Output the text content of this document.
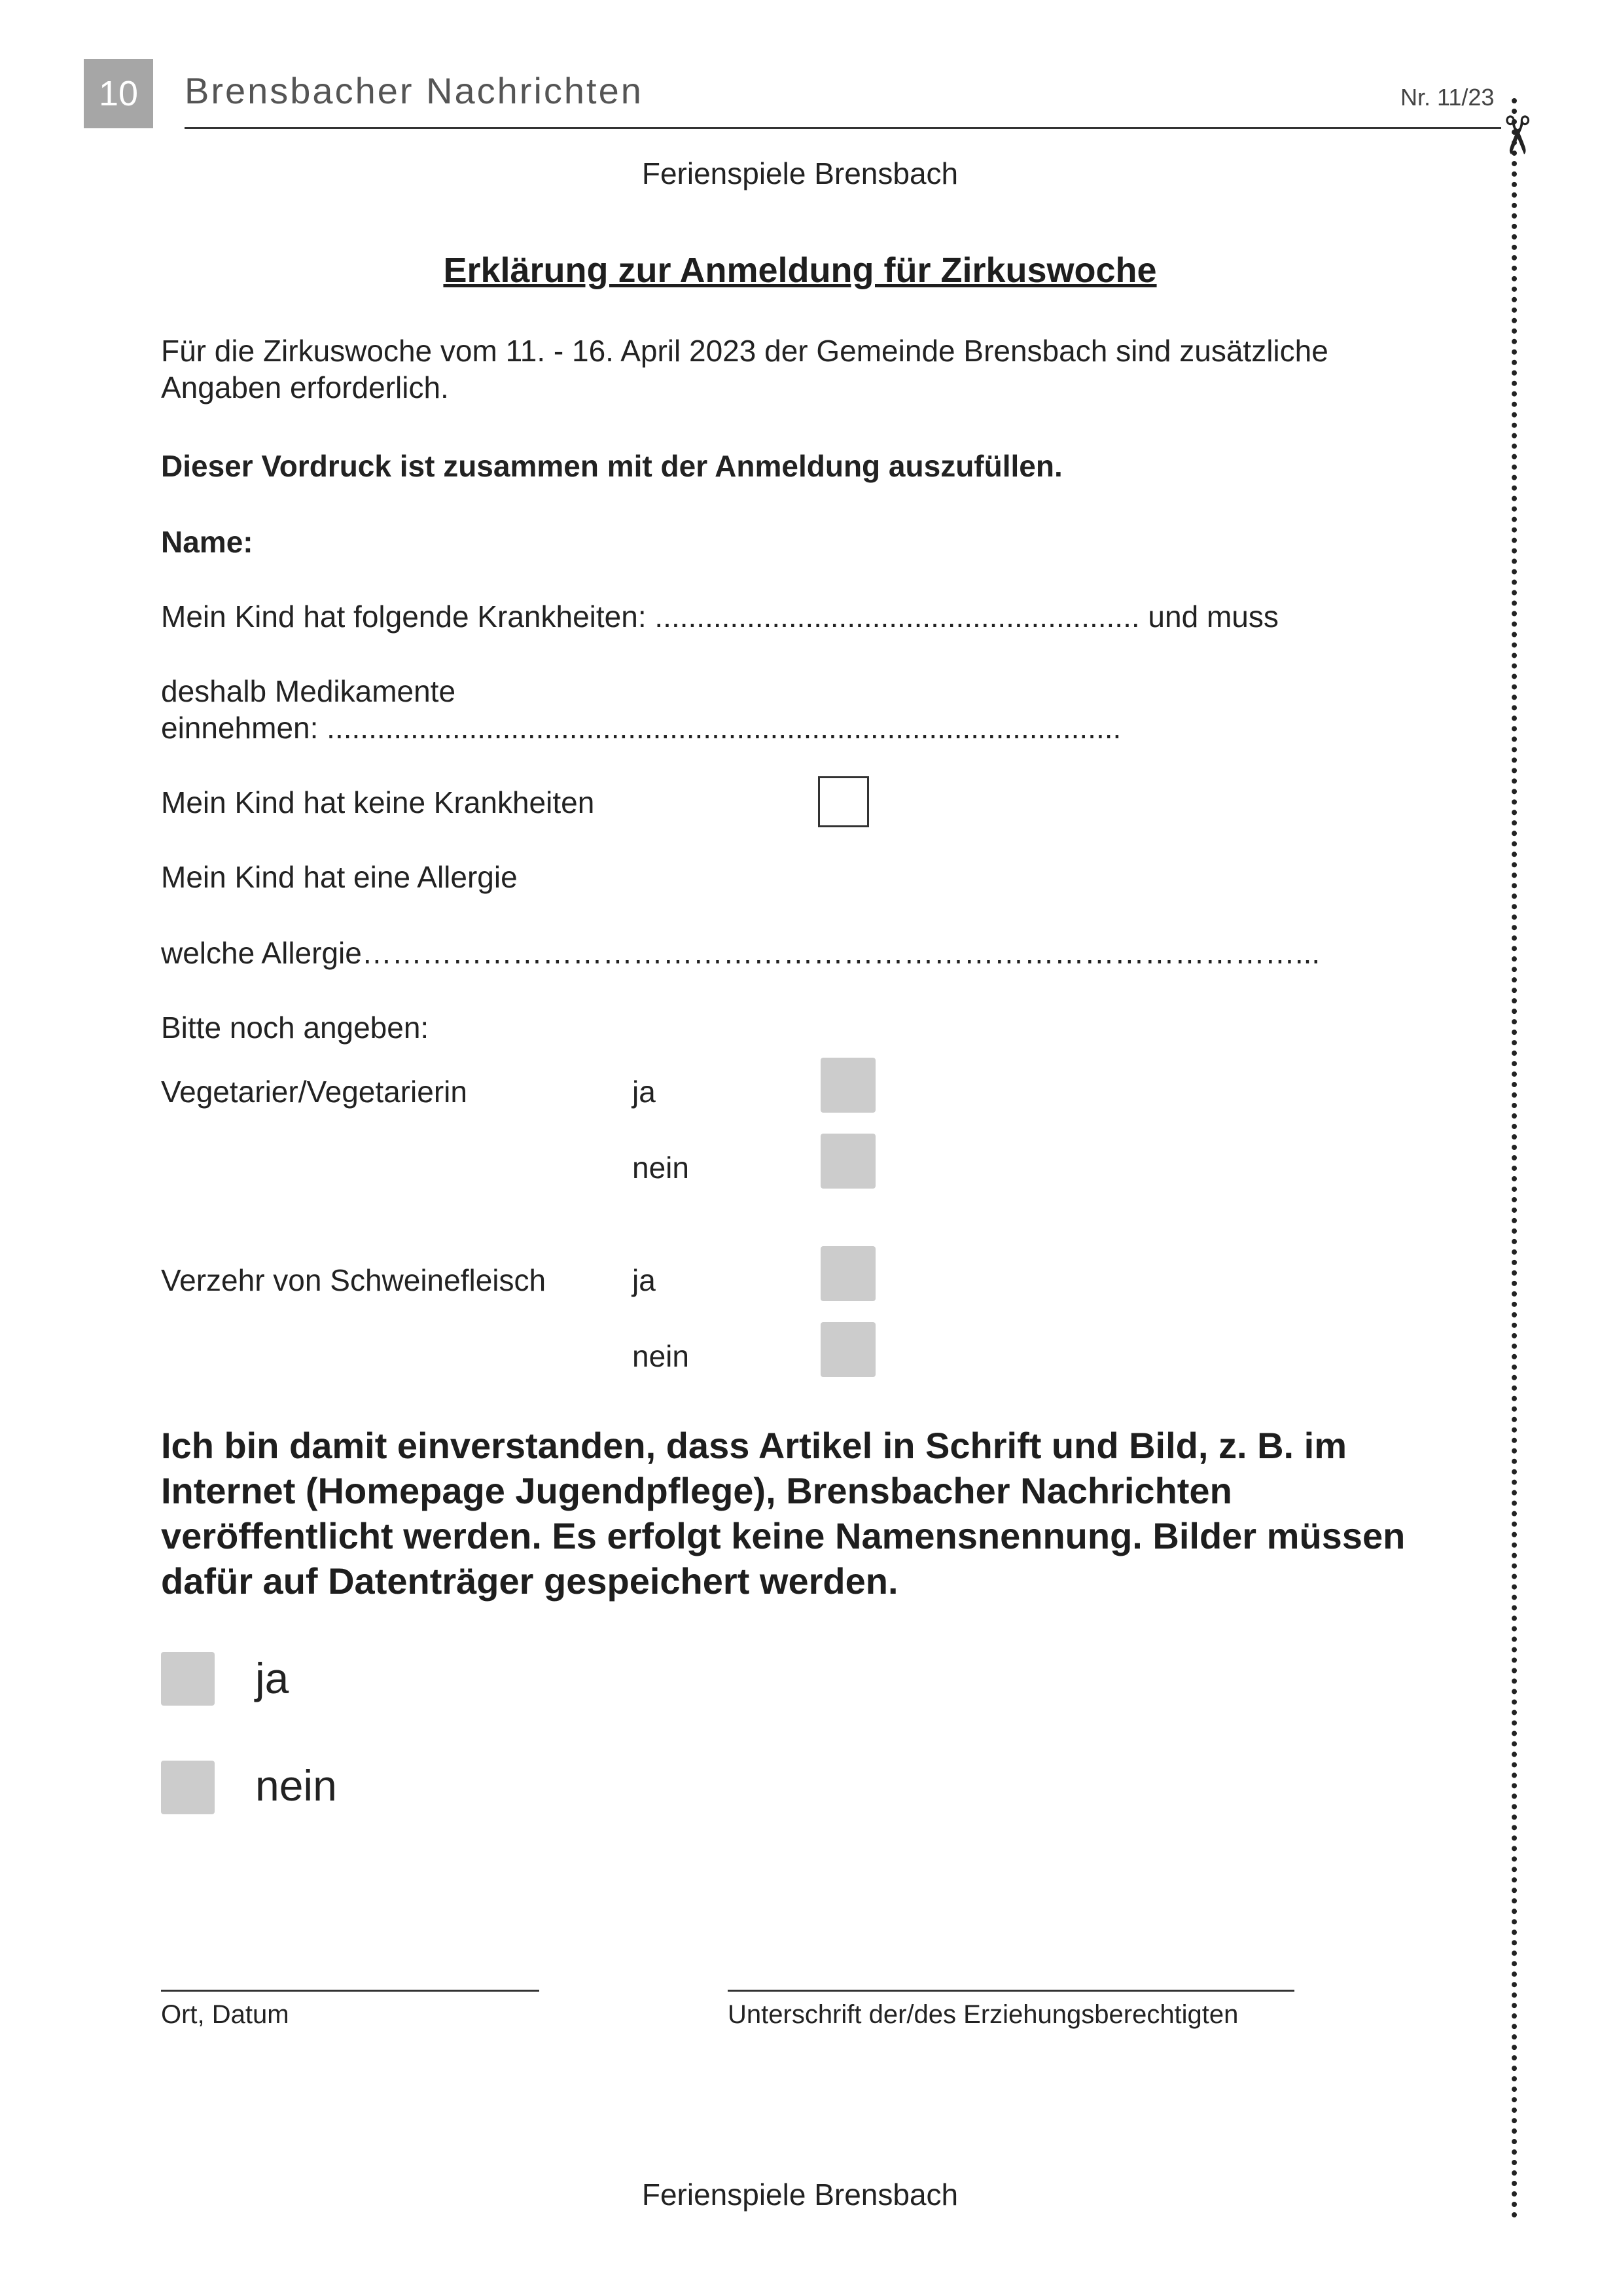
10	Brensbacher Nachrichten	Nr. 11/23
✂
Ferienspiele Brensbach
Erklärung zur Anmeldung für Zirkuswoche
Für die Zirkuswoche vom 11. - 16. April 2023 der Gemeinde Brensbach sind zusätzliche
Angaben erforderlich.
Dieser Vordruck ist zusammen mit der Anmeldung auszufüllen.
Name:
Mein Kind hat folgende Krankheiten: .......................................................... und muss
deshalb Medikamente
einnehmen: ...............................................................................................
Mein Kind hat keine Krankheiten
Mein Kind hat eine Allergie
welche Allergie…………………………………………………………………………………...
Bitte noch angeben:
Vegetarier/Vegetarierin	ja
nein
Verzehr von Schweinefleisch	ja
nein
Ich bin damit einverstanden, dass Artikel in Schrift und Bild, z. B. im
Internet (Homepage Jugendpflege), Brensbacher Nachrichten
veröffentlicht werden. Es erfolgt keine Namensnennung. Bilder müssen
dafür auf Datenträger gespeichert werden.
ja
nein
Ort, Datum	Unterschrift der/des Erziehungsberechtigten
Ferienspiele Brensbach
